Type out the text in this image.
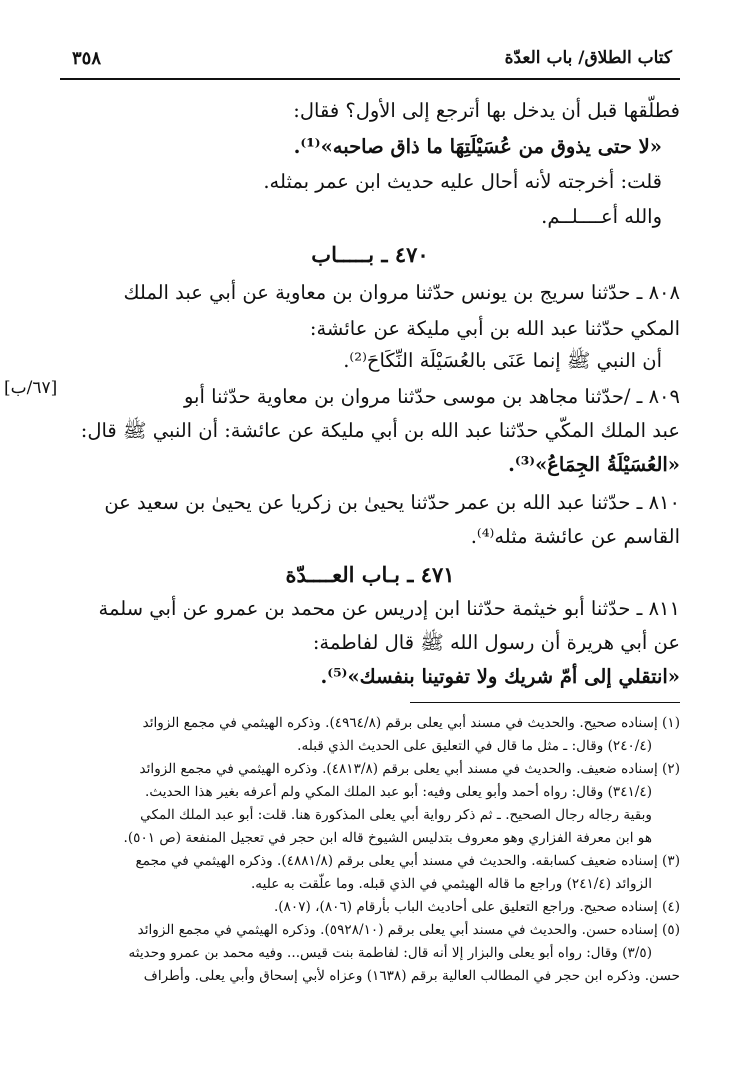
كتاب الطلاق/ باب العدّة
٣٥٨
[٦٧/ب]
فطلّقها قبل أن يدخل بها أترجع إلى الأول؟ فقال:
«لا حتى يذوق من عُسَيْلَتِهَا ما ذاق صاحبه»⁽¹⁾.
قلت: أخرجته لأنه أحال عليه حديث ابن عمر بمثله.
والله أعــــلــم.
٤٧٠ ـ بـــــاب
٨٠٨ ـ حدّثنا سريج بن يونس حدّثنا مروان بن معاوية عن أبي عبد الملك
المكي حدّثنا عبد الله بن أبي مليكة عن عائشة:
أن النبي ﷺ إنما عَنَى بالعُسَيْلَة النِّكَاحَ⁽²⁾.
٨٠٩ ـ /حدّثنا مجاهد بن موسى حدّثنا مروان بن معاوية حدّثنا أبو
عبد الملك المكّي حدّثنا عبد الله بن أبي مليكة عن عائشة: أن النبي ﷺ قال:
«العُسَيْلَةُ الجِمَاعُ»⁽³⁾.
٨١٠ ـ حدّثنا عبد الله بن عمر حدّثنا يحيىٰ بن زكريا عن يحيىٰ بن سعيد عن
القاسم عن عائشة مثله⁽⁴⁾.
٤٧١ ـ بـاب العــــدّة
٨١١ ـ حدّثنا أبو خيثمة حدّثنا ابن إدريس عن محمد بن عمرو عن أبي سلمة
عن أبي هريرة أن رسول الله ﷺ قال لفاطمة:
«انتقلي إلى أمّ شريك ولا تفوتينا بنفسك»⁽⁵⁾.
(١) إسناده صحيح. والحديث في مسند أبي يعلى برقم (٤٩٦٤/٨). وذكره الهيثمي في مجمع الزوائد
(٢٤٠/٤) وقال: ـ مثل ما قال في التعليق على الحديث الذي قبله.
(٢) إسناده ضعيف. والحديث في مسند أبي يعلى برقم (٤٨١٣/٨). وذكره الهيثمي في مجمع الزوائد
(٣٤١/٤) وقال: رواه أحمد وأبو يعلى وفيه: أبو عبد الملك المكي ولم أعرفه بغير هذا الحديث.
وبقية رجاله رجال الصحيح. ـ ثم ذكر رواية أبي يعلى المذكورة هنا. قلت: أبو عبد الملك المكي
هو ابن معرفة الفزاري وهو معروف بتدليس الشيوخ قاله ابن حجر في تعجيل المنفعة (ص ٥٠١).
(٣) إسناده ضعيف كسابقه. والحديث في مسند أبي يعلى برقم (٤٨٨١/٨). وذكره الهيثمي في مجمع
الزوائد (٢٤١/٤) وراجع ما قاله الهيثمي في الذي قبله. وما علّقت به عليه.
(٤) إسناده صحيح. وراجع التعليق على أحاديث الباب بأرقام (٨٠٦)، (٨٠٧).
(٥) إسناده حسن. والحديث في مسند أبي يعلى برقم (٥٩٢٨/١٠). وذكره الهيثمي في مجمع الزوائد
(٣/٥) وقال: رواه أبو يعلى والبزار إلا أنه قال: لفاطمة بنت قيس... وفيه محمد بن عمرو وحديثه
حسن. وذكره ابن حجر في المطالب العالية برقم (١٦٣٨) وعزاه لأبي إسحاق وأبي يعلى. وأطراف
